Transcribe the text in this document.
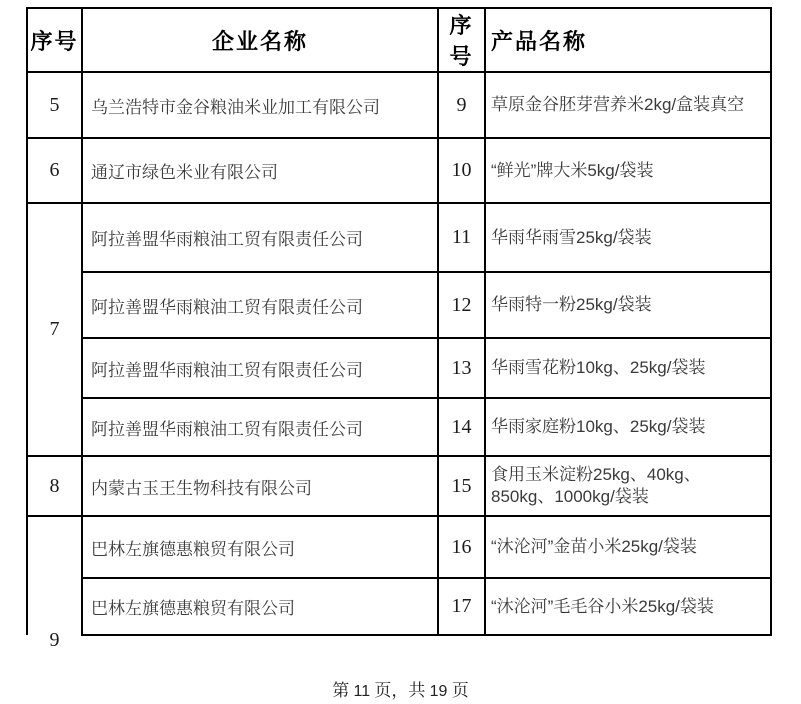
序号	企业名称	序号	产品名称
5	乌兰浩特市金谷粮油米业加工有限公司	9	草原金谷胚芽营养米2kg/盒装真空
6	通辽市绿色米业有限公司	10	“鲜光”牌大米5kg/袋装
7	阿拉善盟华雨粮油工贸有限责任公司	11	华雨华雨雪25kg/袋装
	阿拉善盟华雨粮油工贸有限责任公司	12	华雨特一粉25kg/袋装
	阿拉善盟华雨粮油工贸有限责任公司	13	华雨雪花粉10kg、25kg/袋装
	阿拉善盟华雨粮油工贸有限责任公司	14	华雨家庭粉10kg、25kg/袋装
8	内蒙古玉王生物科技有限公司	15	食用玉米淀粉25kg、40kg、850kg、1000kg/袋装

9	巴林左旗德惠粮贸有限公司	16	“沐沦河”金苗小米25kg/袋装
	巴林左旗德惠粮贸有限公司	17	“沐沦河”毛毛谷小米25kg/袋装
第 11 页，共 19 页
